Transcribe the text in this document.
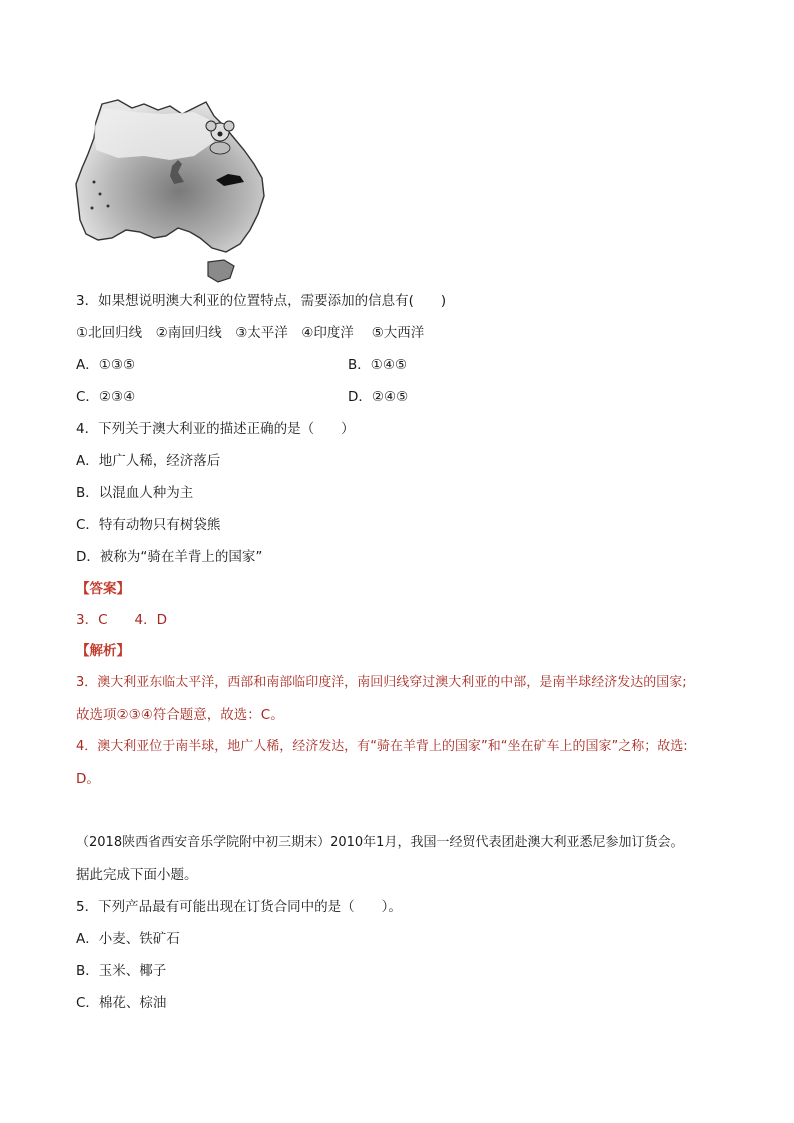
3．如果想说明澳大利亚的位置特点，需要添加的信息有(　　)
①北回归线　②南回归线　③太平洋　④印度洋　 ⑤大西洋
A．①③⑤	B．①④⑤
C．②③④	D．②④⑤
4．下列关于澳大利亚的描述正确的是（　　）
A．地广人稀，经济落后
B．以混血人种为主
C．特有动物只有树袋熊
D．被称为“骑在羊背上的国家”
【答案】
3．C　　4．D
【解析】
3．澳大利亚东临太平洋，西部和南部临印度洋，南回归线穿过澳大利亚的中部，是南半球经济发达的国家;
故选项②③④符合题意，故选：C。
4．澳大利亚位于南半球，地广人稀，经济发达，有“骑在羊背上的国家”和“坐在矿车上的国家”之称；故选:
D。
（2018陕西省西安音乐学院附中初三期末）2010年1月，我国一经贸代表团赴澳大利亚悉尼参加订货会。
据此完成下面小题。
5．下列产品最有可能出现在订货合同中的是（　　）。
A．小麦、铁矿石
B．玉米、椰子
C．棉花、棕油
